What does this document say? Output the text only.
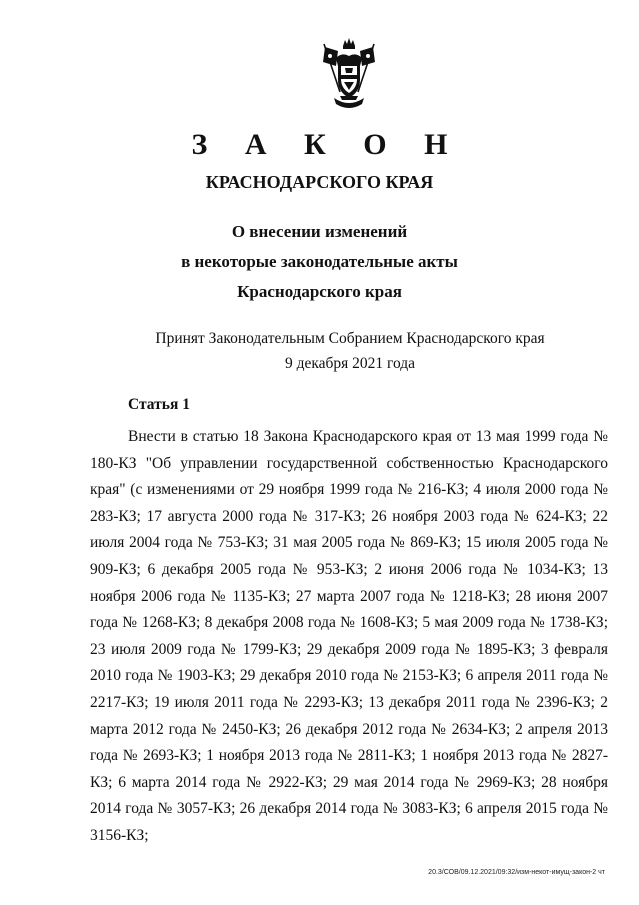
З А К О Н
КРАСНОДАРСКОГО КРАЯ
О внесении изменений
в некоторые законодательные акты
Краснодарского края
Принят Законодательным Собранием Краснодарского края
9 декабря 2021 года
Статья 1

Внести в статью 18 Закона Краснодарского края от 13 мая 1999 года № 180-КЗ "Об управлении государственной собственностью Краснодарского края" (с изменениями от 29 ноября 1999 года № 216-КЗ; 4 июля 2000 года № 283-КЗ; 17 августа 2000 года № 317-КЗ; 26 ноября 2003 года № 624-КЗ; 22 июля 2004 года № 753-КЗ; 31 мая 2005 года № 869-КЗ; 15 июля 2005 года № 909-КЗ; 6 декабря 2005 года № 953-КЗ; 2 июня 2006 года № 1034-КЗ; 13 ноября 2006 года № 1135-КЗ; 27 марта 2007 года № 1218-КЗ; 28 июня 2007 года № 1268-КЗ; 8 декабря 2008 года № 1608-КЗ; 5 мая 2009 года № 1738-КЗ; 23 июля 2009 года № 1799-КЗ; 29 декабря 2009 года № 1895-КЗ; 3 февраля 2010 года № 1903-КЗ; 29 декабря 2010 года № 2153-КЗ; 6 апреля 2011 года № 2217-КЗ; 19 июля 2011 года № 2293-КЗ; 13 декабря 2011 года № 2396-КЗ; 2 марта 2012 года № 2450-КЗ; 26 декабря 2012 года № 2634-КЗ; 2 апреля 2013 года № 2693-КЗ; 1 ноября 2013 года № 2811-КЗ; 1 ноября 2013 года № 2827-КЗ; 6 марта 2014 года № 2922-КЗ; 29 мая 2014 года № 2969-КЗ; 28 ноября 2014 года № 3057-КЗ; 26 декабря 2014 года № 3083-КЗ; 6 апреля 2015 года № 3156-КЗ;

20.3/СОВ/09.12.2021/09:32/изм-некот-имущ-закон-2 чт
